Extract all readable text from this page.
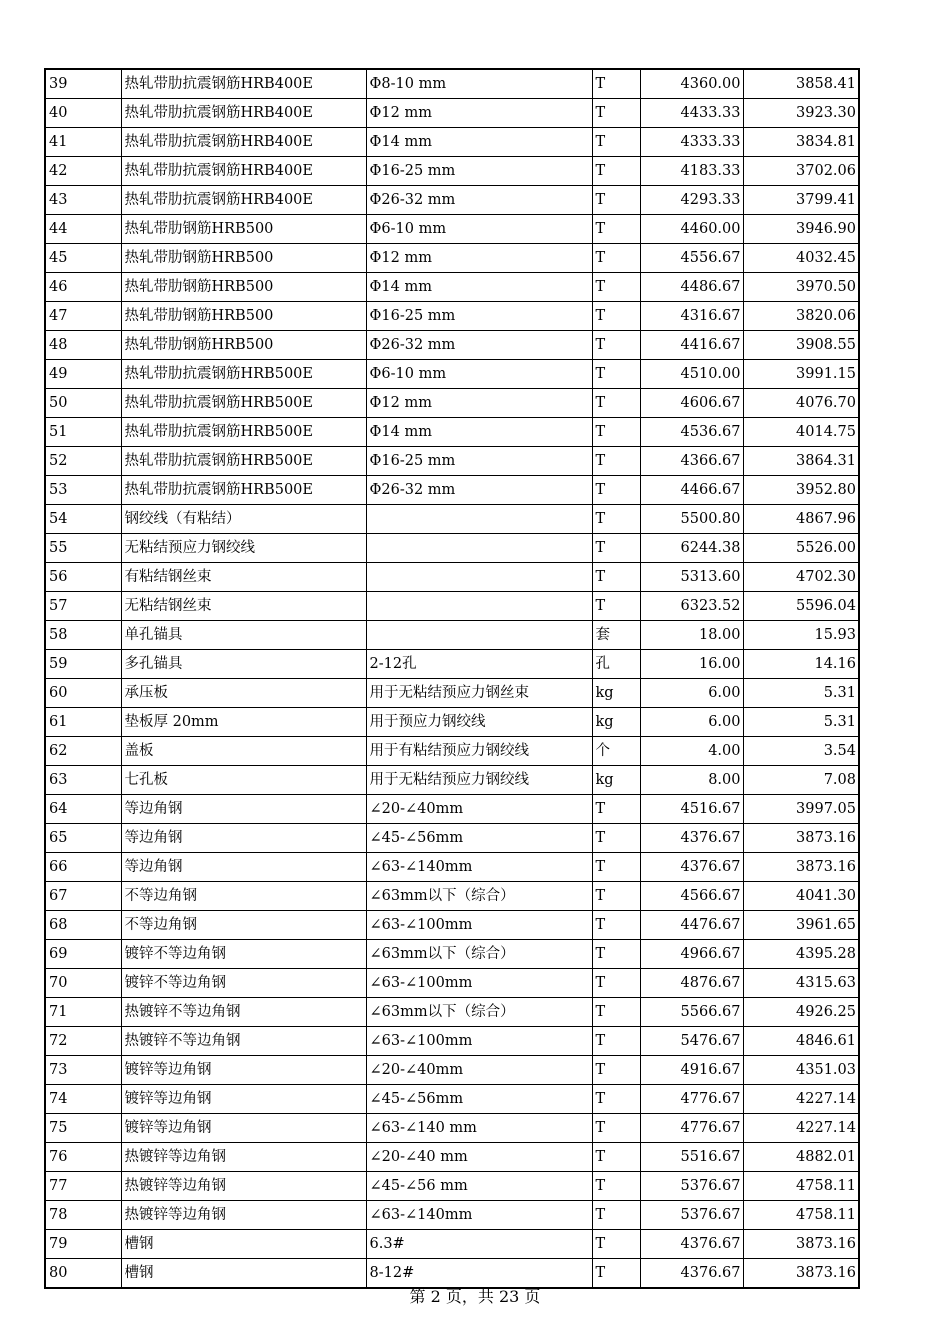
39	热轧带肋抗震钢筋HRB400E	Φ8-10 mm	T	4360.00	3858.41
40	热轧带肋抗震钢筋HRB400E	Φ12 mm	T	4433.33	3923.30
41	热轧带肋抗震钢筋HRB400E	Φ14 mm	T	4333.33	3834.81
42	热轧带肋抗震钢筋HRB400E	Φ16-25 mm	T	4183.33	3702.06
43	热轧带肋抗震钢筋HRB400E	Φ26-32 mm	T	4293.33	3799.41
44	热轧带肋钢筋HRB500	Φ6-10 mm	T	4460.00	3946.90
45	热轧带肋钢筋HRB500	Φ12 mm	T	4556.67	4032.45
46	热轧带肋钢筋HRB500	Φ14 mm	T	4486.67	3970.50
47	热轧带肋钢筋HRB500	Φ16-25 mm	T	4316.67	3820.06
48	热轧带肋钢筋HRB500	Φ26-32 mm	T	4416.67	3908.55
49	热轧带肋抗震钢筋HRB500E	Φ6-10 mm	T	4510.00	3991.15
50	热轧带肋抗震钢筋HRB500E	Φ12 mm	T	4606.67	4076.70
51	热轧带肋抗震钢筋HRB500E	Φ14 mm	T	4536.67	4014.75
52	热轧带肋抗震钢筋HRB500E	Φ16-25 mm	T	4366.67	3864.31
53	热轧带肋抗震钢筋HRB500E	Φ26-32 mm	T	4466.67	3952.80
54	钢绞线（有粘结）		T	5500.80	4867.96
55	无粘结预应力钢绞线		T	6244.38	5526.00
56	有粘结钢丝束		T	5313.60	4702.30
57	无粘结钢丝束		T	6323.52	5596.04
58	单孔锚具		套	18.00	15.93
59	多孔锚具	2-12孔	孔	16.00	14.16
60	承压板	用于无粘结预应力钢丝束	kg	6.00	5.31
61	垫板厚 20mm	用于预应力钢绞线	kg	6.00	5.31
62	盖板	用于有粘结预应力钢绞线	个	4.00	3.54
63	七孔板	用于无粘结预应力钢绞线	kg	8.00	7.08
64	等边角钢	∠20-∠40mm	T	4516.67	3997.05
65	等边角钢	∠45-∠56mm	T	4376.67	3873.16
66	等边角钢	∠63-∠140mm	T	4376.67	3873.16
67	不等边角钢	∠63mm以下（综合）	T	4566.67	4041.30
68	不等边角钢	∠63-∠100mm	T	4476.67	3961.65
69	镀锌不等边角钢	∠63mm以下（综合）	T	4966.67	4395.28
70	镀锌不等边角钢	∠63-∠100mm	T	4876.67	4315.63
71	热镀锌不等边角钢	∠63mm以下（综合）	T	5566.67	4926.25
72	热镀锌不等边角钢	∠63-∠100mm	T	5476.67	4846.61
73	镀锌等边角钢	∠20-∠40mm	T	4916.67	4351.03
74	镀锌等边角钢	∠45-∠56mm	T	4776.67	4227.14
75	镀锌等边角钢	∠63-∠140 mm	T	4776.67	4227.14
76	热镀锌等边角钢	∠20-∠40 mm	T	5516.67	4882.01
77	热镀锌等边角钢	∠45-∠56 mm	T	5376.67	4758.11
78	热镀锌等边角钢	∠63-∠140mm	T	5376.67	4758.11
79	槽钢	6.3#	T	4376.67	3873.16
80	槽钢	8-12#	T	4376.67	3873.16
第 2 页，共 23 页
